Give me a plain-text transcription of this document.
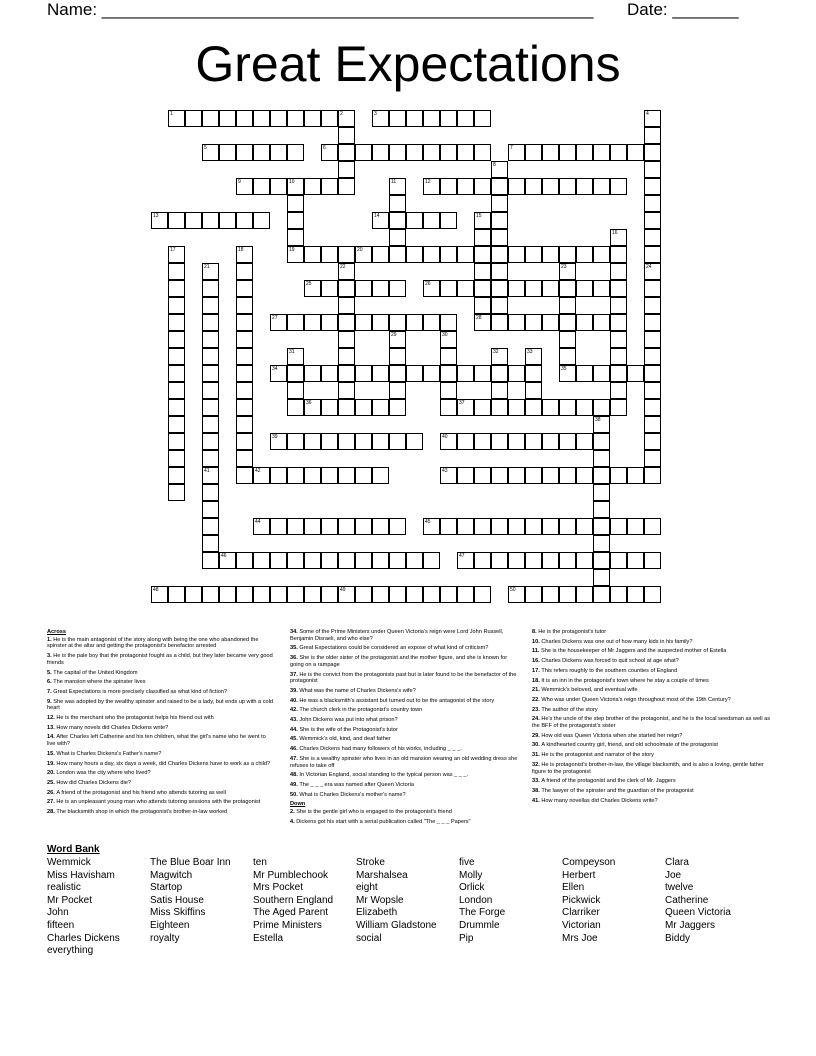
Name: ____________________________________________________ Date: _______
Great Expectations
1	2	3	4
24
5	6	7
8
9	10	11	12
13	14	15
16
17	18	19	20
21
41
22	23
25	26
27	28
29	30
31	32	33
34	35
36	37
38
39	40
42	43
44	45
46	47
48	49	50
Across
1. He is the main antagonist of the story along with being the one who abandoned the spinster at the altar and getting the protagonist's benefactor arrested
3. He is the pale boy that the protagonist fought as a child, but they later became very good friends
5. The capital of the United Kingdom
6. The mansion where the spinster lives
7. Great Expectations is more precisely classified as what kind of fiction?
9. She was adopted by the wealthy spinster and raised to be a lady, but ends up with a cold heart
12. He is the merchant who the protagonist helps his friend out with
13. How many novels did Charles Dickens write?
14. After Charles left Catherine and his ten children, what the girl's name who he went to live with?
15. What is Charles Dickens's Father's name?
19. How many hours a day, six days a week, did Charles Dickens have to work as a child?
20. London was the city where who lived?
25. How did Charles Dickens die?
26. A friend of the protagonist and his friend who attends tutoring as well
27. He is an unpleasant young man who attends tutoring sessions with the protagonist
28. The blacksmith shop in which the protagonist's brother-in-law worked
34. Some of the Prime Ministers under Queen Victoria's reign were Lord John Russell, Benjamin Disraeli, and who else?
35. Great Expectations could be considered an expose of what kind of criticism?
36. She is the older sister of the protagonist and the mother figure, and she is known for going on a rampage
37. He is the convict from the protagonists past but is later found to be the benefactor of the protagonist
39. What was the name of Charles Dickens's wife?
40. He was a blacksmith's assistant but turned out to be the antagonist of the story
42. The church clerk in the protagonist's country town
43. John Dickens was put into what prison?
44. She is the wife of the Protagonist's tutor
45. Wemmick's old, kind, and deaf father
46. Charles Dickens had many followers of his works, including _ _ _.
47. She is a wealthy spinster who lives in an old mansion wearing an old wedding dress she refuses to take off
48. In Victorian England, social standing to the typical person was _ _ _.
49. The _ _ _ era was named after Queen Victoria
50. What is Charles Dickens's mother's name?
Down
2. She is the gentle girl who is engaged to the protagonist's friend
4. Dickens got his start with a serial publication called "The _ _ _ Papers"
8. He is the protagonist's tutor
10. Charles Dickens was one out of how many kids in his family?
11. She is the housekeeper of Mr Jaggers and the suspected mother of Estella
16. Charles Dickens was forced to quit school at age what?
17. This refers roughly to the southern counties of England
18. It is an inn in the protagonist's town where he stay a couple of times
21. Wemmick's beloved, and eventual wife
22. Who was under Queen Victoria's reign throughout most of the 19th Century?
23. The author of the story
24. He's the uncle of the step brother of the protagonist, and he is the local seedsman as well as the BFF of the protagonist's sister
29. How old was Queen Victoria when she started her reign?
30. A kindhearted country girl, friend, and old schoolmate of the protagonist
31. He is the protagonist and narrator of the story
32. He is protagonist's brother-in-law, the village blacksmith, and is also a loving, gentle father figure to the protagonist
33. A friend of the protagonist and the clerk of Mr. Jaggers
38. The lawyer of the spinster and the guardian of the protagonist
41. How many novellas did Charles Dickens write?
Word Bank
Wemmick
Miss Havisham
realistic
Mr Pocket
John
fifteen
Charles Dickens
everything
The Blue Boar Inn
Magwitch
Startop
Satis House
Miss Skiffins
Eighteen
royalty
ten
Mr Pumblechook
Mrs Pocket
Southern England
The Aged Parent
Prime Ministers
Estella
Stroke
Marshalsea
eight
Mr Wopsle
Elizabeth
William Gladstone
social
five
Molly
Orlick
London
The Forge
Drummle
Pip
Compeyson
Herbert
Ellen
Pickwick
Clarriker
Victorian
Mrs Joe
Clara
Joe
twelve
Catherine
Queen Victoria
Mr Jaggers
Biddy
